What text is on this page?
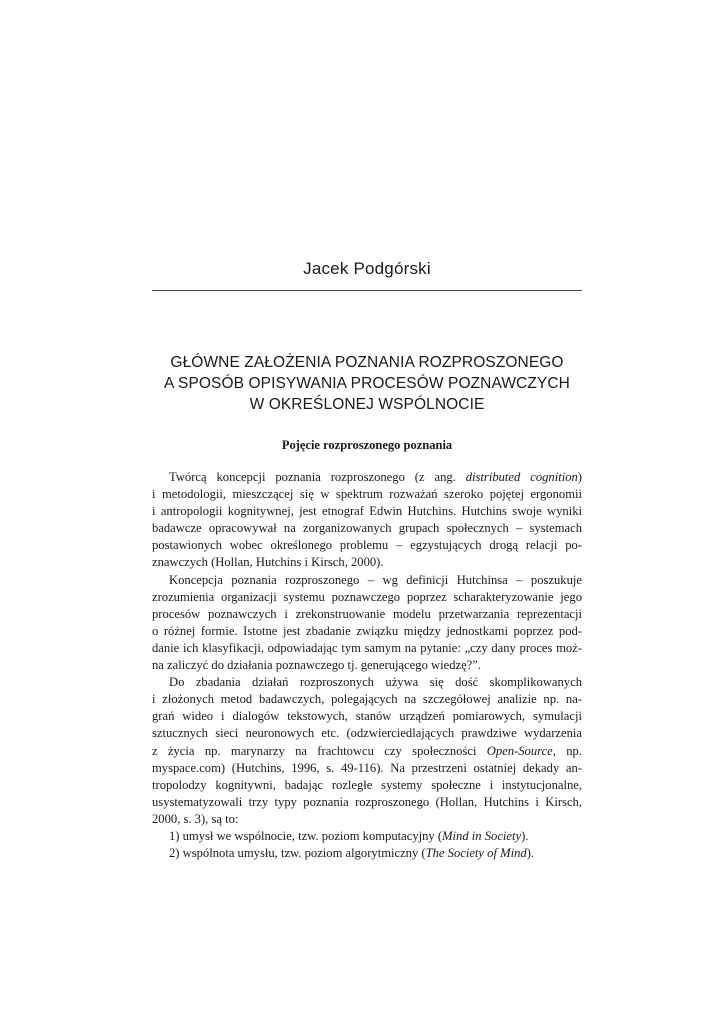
Jacek Podgórski
GŁÓWNE ZAŁOŻENIA POZNANIA ROZPROSZONEGO
A SPOSÓB OPISYWANIA PROCESÓW POZNAWCZYCH
W OKREŚLONEJ WSPÓLNOCIE
Pojęcie rozproszonego poznania
Twórcą koncepcji poznania rozproszonego (z ang. distributed cognition)
i metodologii, mieszczącej się w spektrum rozważań szeroko pojętej ergonomii
i antropologii kognitywnej, jest etnograf Edwin Hutchins. Hutchins swoje wyniki
badawcze opracowywał na zorganizowanych grupach społecznych – systemach
postawionych wobec określonego problemu – egzystujących drogą relacji po-
znawczych (Hollan, Hutchins i Kirsch, 2000).
Koncepcja poznania rozproszonego – wg definicji Hutchinsa – poszukuje
zrozumienia organizacji systemu poznawczego poprzez scharakteryzowanie jego
procesów poznawczych i zrekonstruowanie modelu przetwarzania reprezentacji
o różnej formie. Istotne jest zbadanie związku między jednostkami poprzez pod-
danie ich klasyfikacji, odpowiadając tym samym na pytanie: „czy dany proces moż-
na zaliczyć do działania poznawczego tj. generującego wiedzę?”.
Do zbadania działań rozproszonych używa się dość skomplikowanych
i złożonych metod badawczych, polegających na szczegółowej analizie np. na-
grań wideo i dialogów tekstowych, stanów urządzeń pomiarowych, symulacji
sztucznych sieci neuronowych etc. (odzwierciedlających prawdziwe wydarzenia
z życia np. marynarzy na frachtowcu czy społeczności Open-Source, np.
myspace.com) (Hutchins, 1996, s. 49-116). Na przestrzeni ostatniej dekady an-
tropolodzy kognitywni, badając rozległe systemy społeczne i instytucjonalne,
usystematyzowali trzy typy poznania rozproszonego (Hollan, Hutchins i Kirsch,
2000, s. 3), są to:
1) umysł we wspólnocie, tzw. poziom komputacyjny (Mind in Society).
2) wspólnota umysłu, tzw. poziom algorytmiczny (The Society of Mind).
